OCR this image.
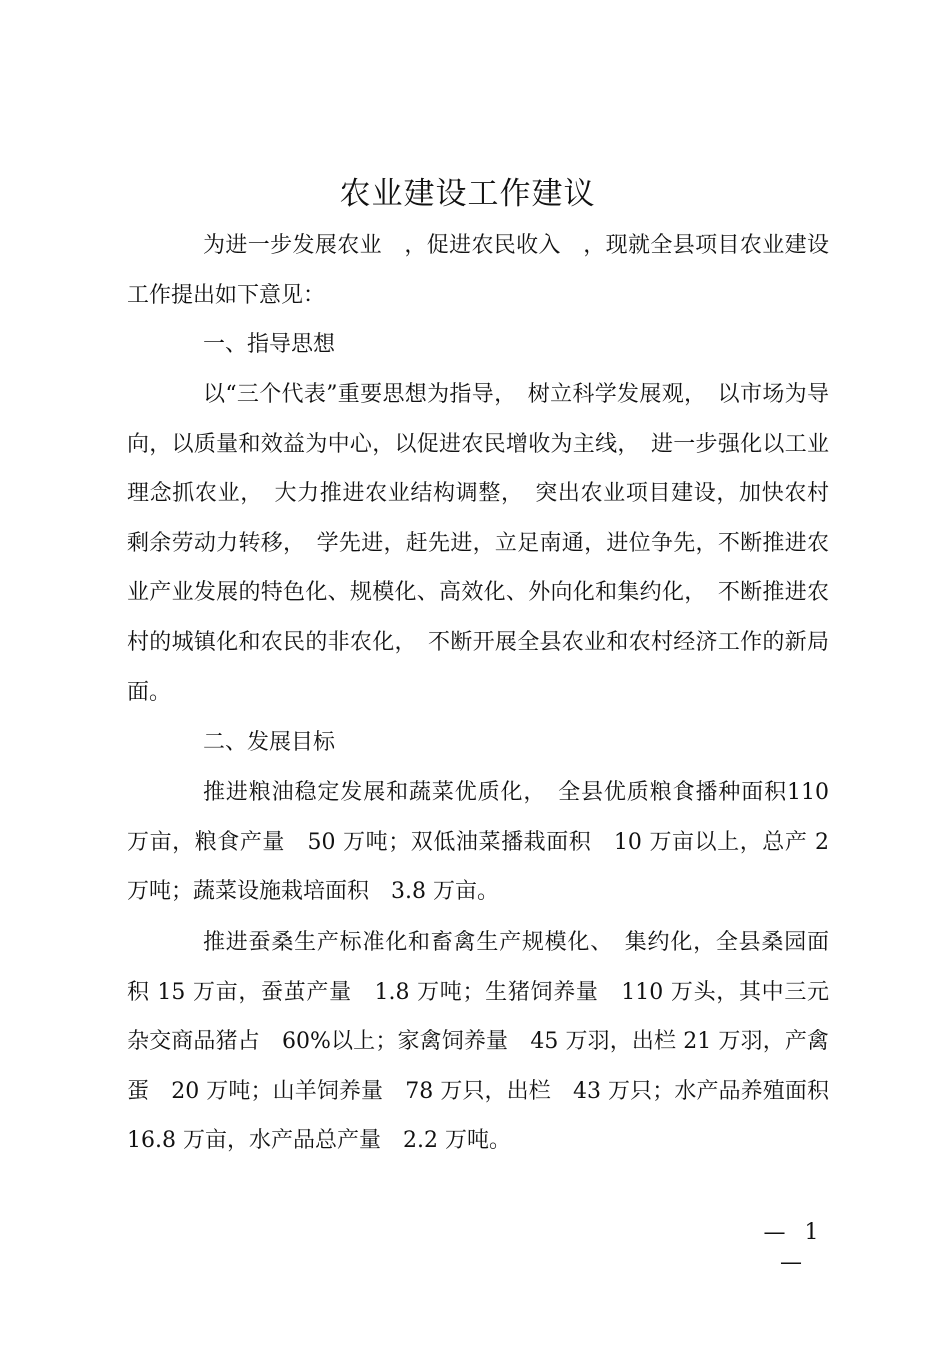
农业建设工作建议
为进一步发展农业　，促进农民收入　，现就全县项目农业建设工作提出如下意见：
一、指导思想
以“三个代表”重要思想为指导，　树立科学发展观，　以市场为导向，以质量和效益为中心，以促进农民增收为主线，　进一步强化以工业理念抓农业，　大力推进农业结构调整，　突出农业项目建设，加快农村剩余劳动力转移，　学先进，赶先进，立足南通，进位争先，不断推进农业产业发展的特色化、规模化、高效化、外向化和集约化，　不断推进农村的城镇化和农民的非农化，　不断开展全县农业和农村经济工作的新局面。
二、发展目标
推进粮油稳定发展和蔬菜优质化，　全县优质粮食播种面积110 万亩，粮食产量　50 万吨；双低油菜播栽面积　10 万亩以上，总产 2 万吨；蔬菜设施栽培面积　3.8 万亩。
推进蚕桑生产标准化和畜禽生产规模化、　集约化，全县桑园面积 15 万亩，蚕茧产量　1.8 万吨；生猪饲养量　110 万头，其中三元杂交商品猪占　60%以上；家禽饲养量　45 万羽，出栏 21 万羽，产禽蛋　20 万吨；山羊饲养量　78 万只，出栏　43 万只；水产品养殖面积　16.8 万亩，水产品总产量　2.2 万吨。
— 1 —
